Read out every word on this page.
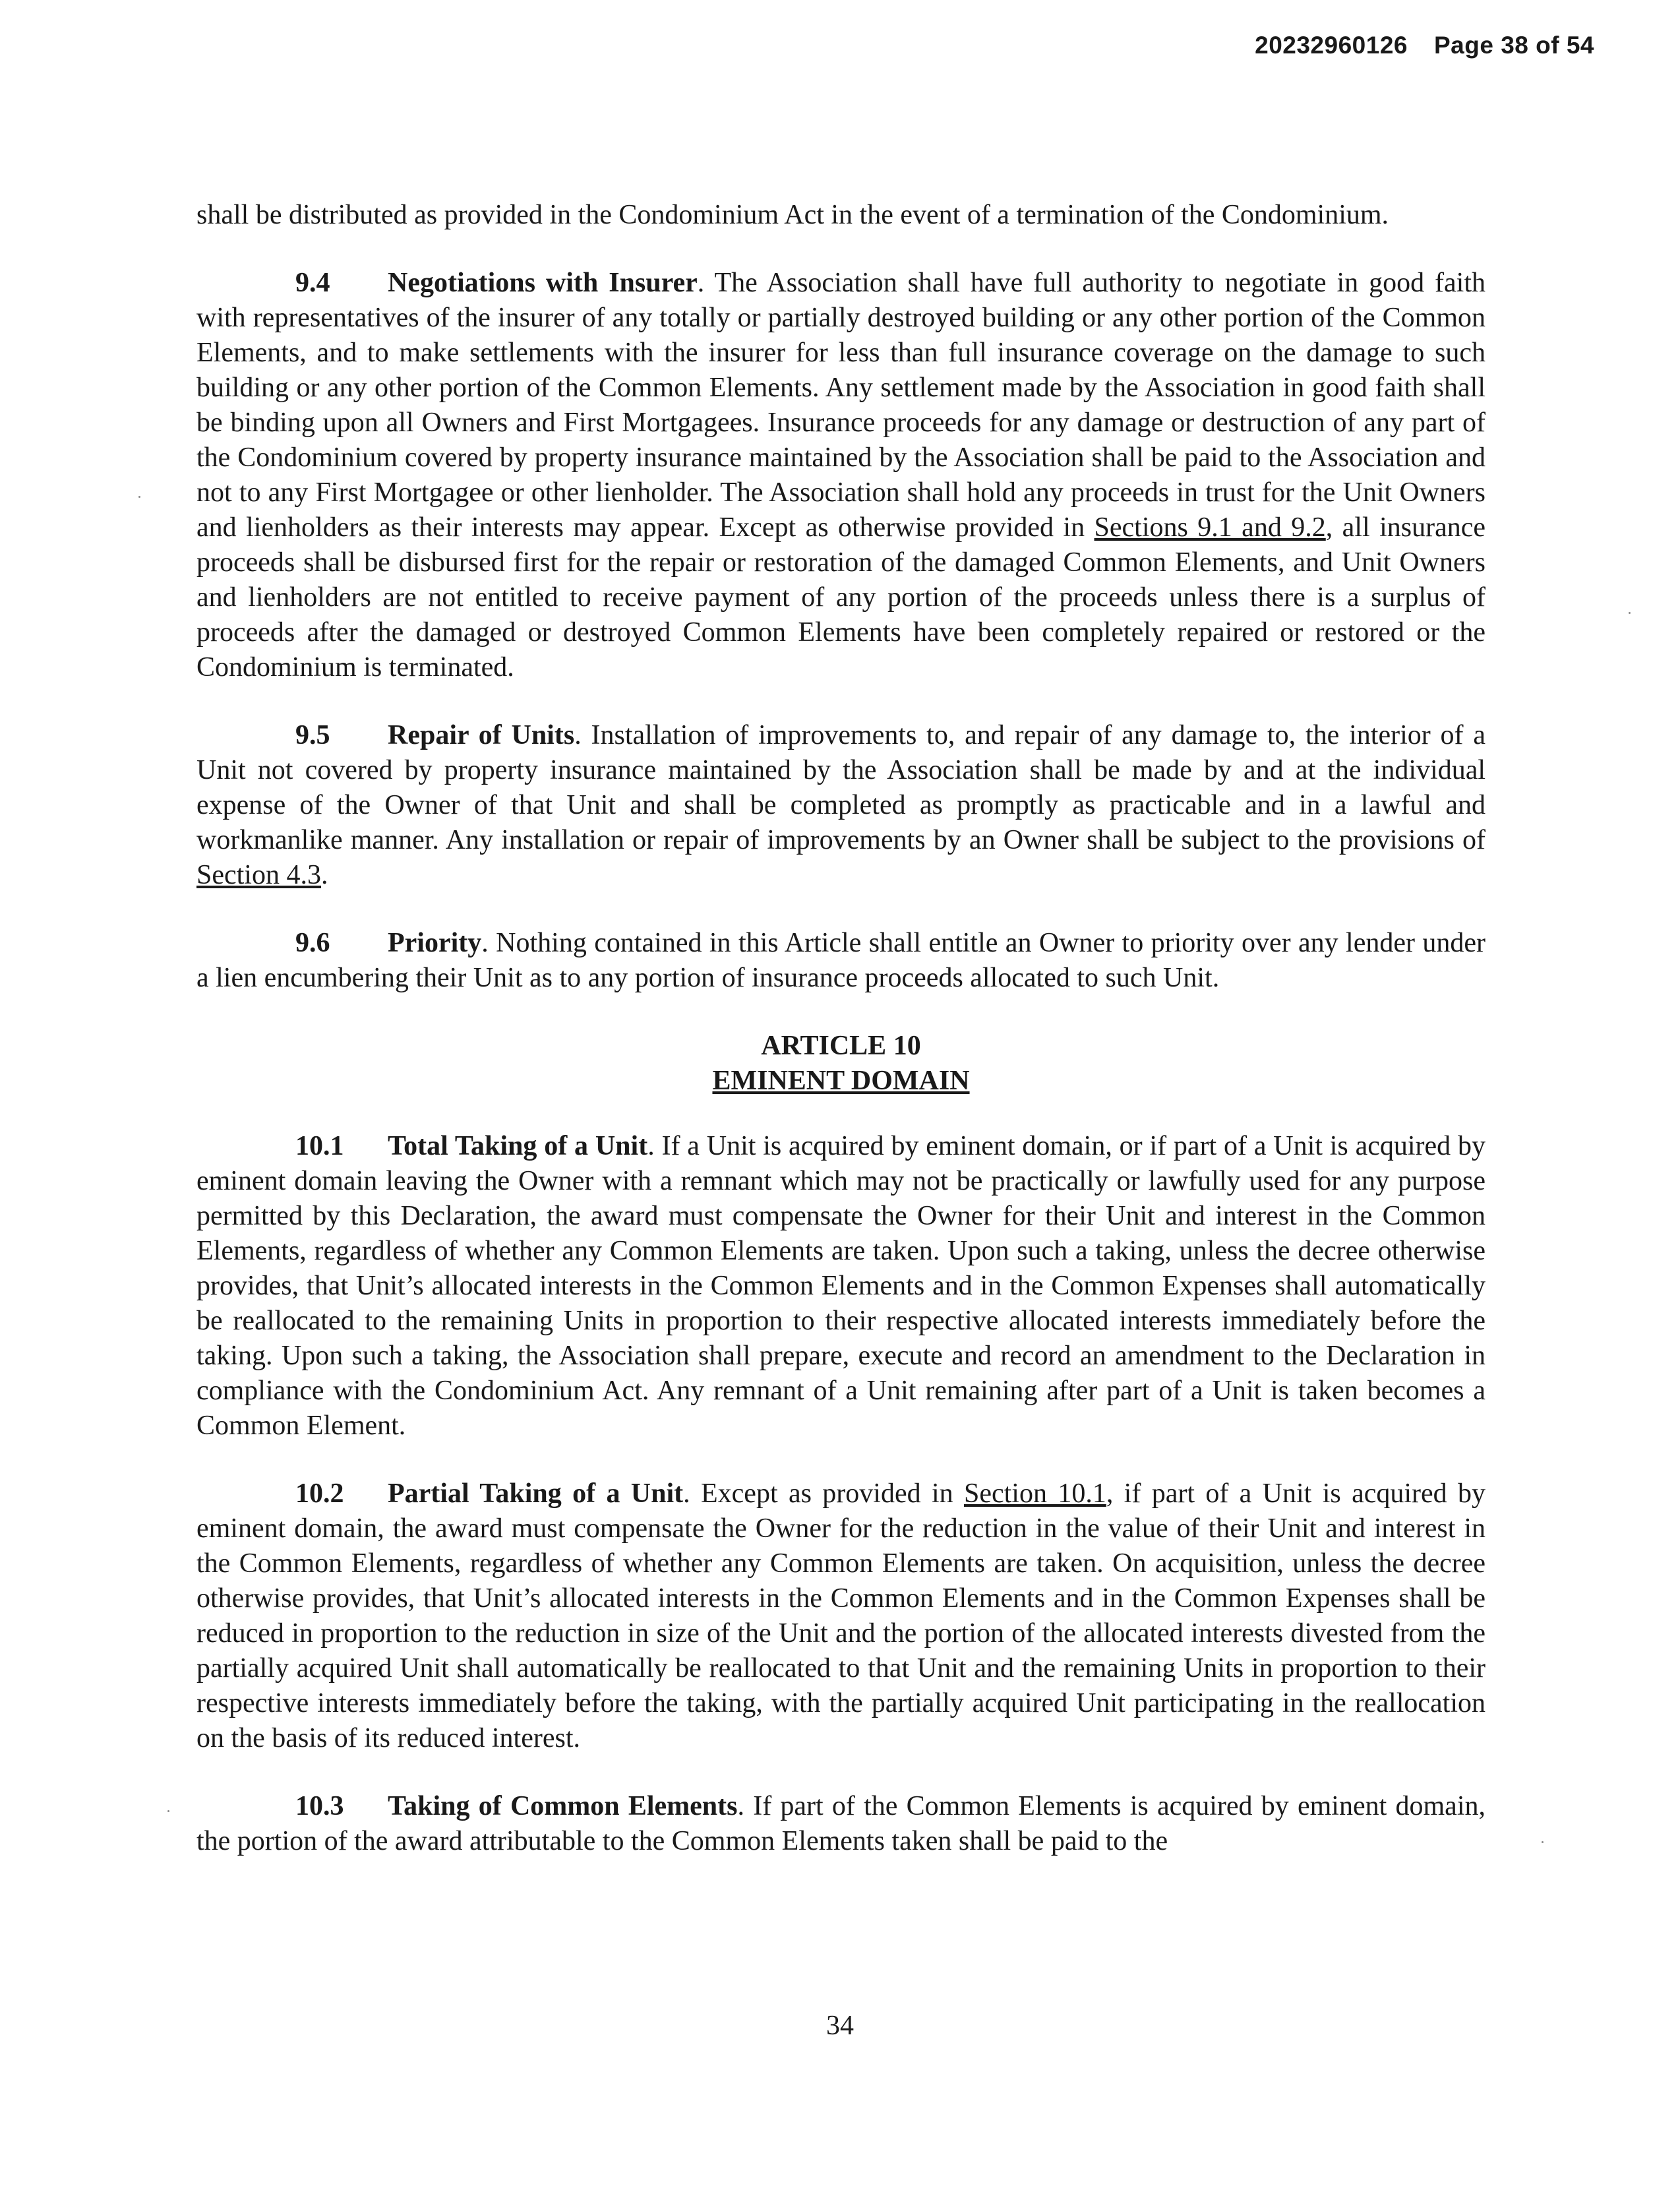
20232960126 Page 38 of 54

shall be distributed as provided in the Condominium Act in the event of a termination of the Condominium.

9.4 Negotiations with Insurer. The Association shall have full authority to negotiate in good faith with representatives of the insurer of any totally or partially destroyed building or any other portion of the Common Elements, and to make settlements with the insurer for less than full insurance coverage on the damage to such building or any other portion of the Common Elements. Any settlement made by the Association in good faith shall be binding upon all Owners and First Mortgagees. Insurance proceeds for any damage or destruction of any part of the Condominium covered by property insurance maintained by the Association shall be paid to the Association and not to any First Mortgagee or other lienholder. The Association shall hold any proceeds in trust for the Unit Owners and lienholders as their interests may appear. Except as otherwise provided in Sections 9.1 and 9.2, all insurance proceeds shall be disbursed first for the repair or restoration of the damaged Common Elements, and Unit Owners and lienholders are not entitled to receive payment of any portion of the proceeds unless there is a surplus of proceeds after the damaged or destroyed Common Elements have been completely repaired or restored or the Condominium is terminated.

9.5 Repair of Units. Installation of improvements to, and repair of any damage to, the interior of a Unit not covered by property insurance maintained by the Association shall be made by and at the individual expense of the Owner of that Unit and shall be completed as promptly as practicable and in a lawful and workmanlike manner. Any installation or repair of improvements by an Owner shall be subject to the provisions of Section 4.3.

9.6 Priority. Nothing contained in this Article shall entitle an Owner to priority over any lender under a lien encumbering their Unit as to any portion of insurance proceeds allocated to such Unit.

ARTICLE 10
EMINENT DOMAIN

10.1 Total Taking of a Unit. If a Unit is acquired by eminent domain, or if part of a Unit is acquired by eminent domain leaving the Owner with a remnant which may not be practically or lawfully used for any purpose permitted by this Declaration, the award must compensate the Owner for their Unit and interest in the Common Elements, regardless of whether any Common Elements are taken. Upon such a taking, unless the decree otherwise provides, that Unit’s allocated interests in the Common Elements and in the Common Expenses shall automatically be reallocated to the remaining Units in proportion to their respective allocated interests immediately before the taking. Upon such a taking, the Association shall prepare, execute and record an amendment to the Declaration in compliance with the Condominium Act. Any remnant of a Unit remaining after part of a Unit is taken becomes a Common Element.

10.2 Partial Taking of a Unit. Except as provided in Section 10.1, if part of a Unit is acquired by eminent domain, the award must compensate the Owner for the reduction in the value of their Unit and interest in the Common Elements, regardless of whether any Common Elements are taken. On acquisition, unless the decree otherwise provides, that Unit’s allocated interests in the Common Elements and in the Common Expenses shall be reduced in proportion to the reduction in size of the Unit and the portion of the allocated interests divested from the partially acquired Unit shall automatically be reallocated to that Unit and the remaining Units in proportion to their respective interests immediately before the taking, with the partially acquired Unit participating in the reallocation on the basis of its reduced interest.

10.3 Taking of Common Elements. If part of the Common Elements is acquired by eminent domain, the portion of the award attributable to the Common Elements taken shall be paid to the

34
